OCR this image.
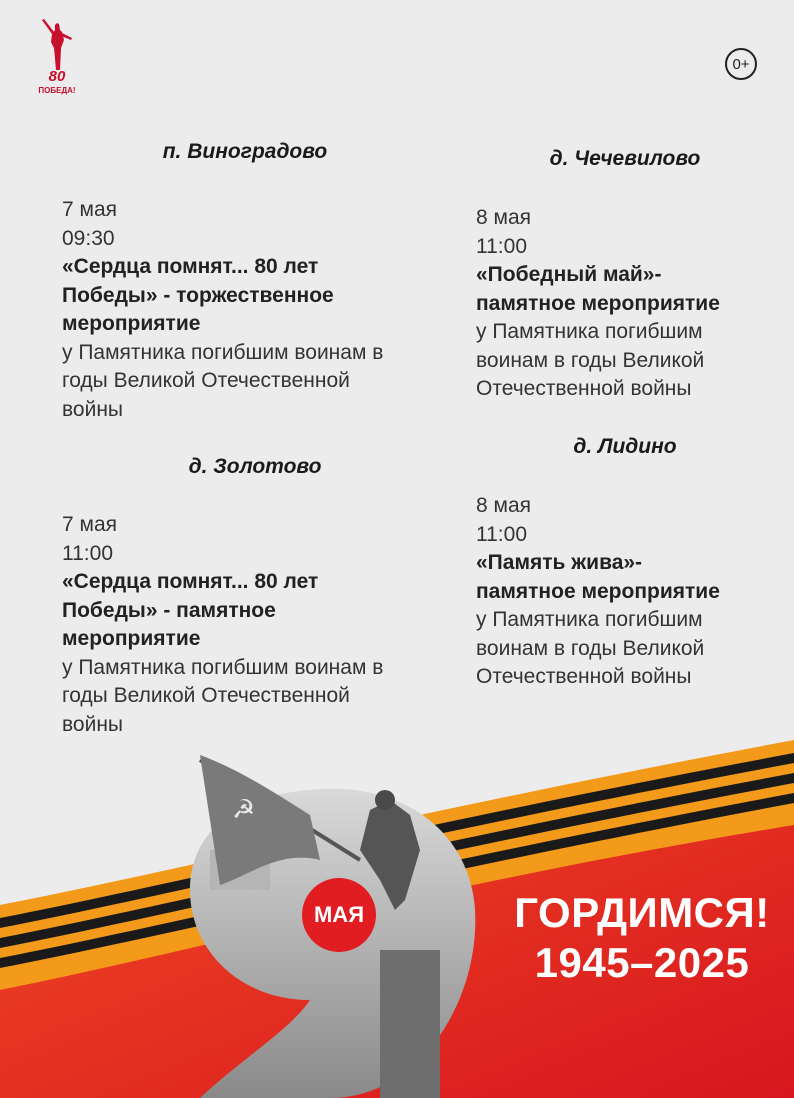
80
ПОБЕДА!
0+
п. Виноградово
7 мая
09:30
«Сердца помнят... 80 лет
Победы» - торжественное
мероприятие
у Памятника погибшим воинам в
годы Великой Отечественной
войны
д. Золотово
7 мая
11:00
«Сердца помнят... 80 лет
Победы» - памятное
мероприятие
у Памятника погибшим воинам в
годы Великой Отечественной
войны
д. Чечевилово
8 мая
11:00
«Победный май»-
памятное мероприятие
у Памятника погибшим
воинам в годы Великой
Отечественной войны
д. Лидино
8 мая
11:00
«Память жива»-
памятное мероприятие
у Памятника погибшим
воинам в годы Великой
Отечественной войны
☭
МАЯ	ГОРДИМСЯ!
1945–2025
